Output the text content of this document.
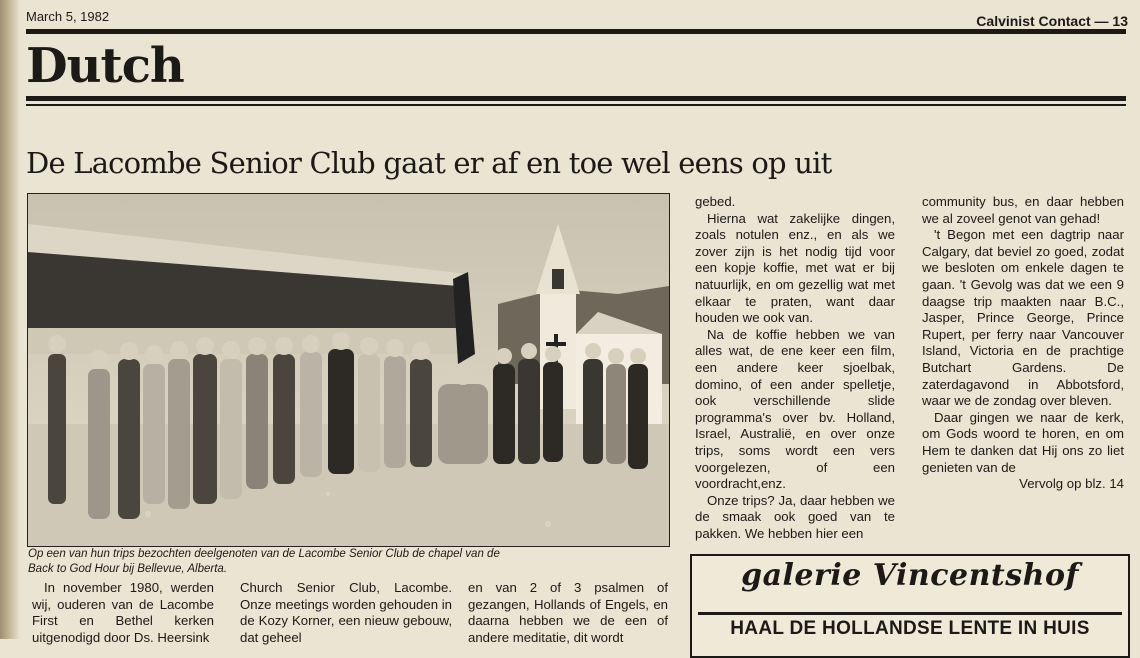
March 5, 1982	Calvinist Contact — 13
Dutch
De Lacombe Senior Club gaat er af en toe wel eens op uit
Op een van hun trips bezochten deelgenoten van de Lacombe Senior Club de chapel van de
Back to God Hour bij Bellevue, Alberta.

gebed.

Hierna wat zakelijke dingen, zoals notulen enz., en als we zover zijn is het nodig tijd voor een kopje koffie, met wat er bij natuurlijk, en om gezellig wat met elkaar te praten, want daar houden we ook van.

Na de koffie hebben we van alles wat, de ene keer een film, een andere keer sjoelbak, domino, of een ander spelletje, ook verschillende slide programma's over bv. Holland, Israel, Australië, en over onze trips, soms wordt een vers voorgelezen, of een voordracht,enz.

Onze trips? Ja, daar hebben we de smaak ook goed van te pakken. We hebben hier een

community bus, en daar hebben we al zoveel genot van gehad!

't Begon met een dagtrip naar Calgary, dat beviel zo goed, zodat we besloten om enkele dagen te gaan. 't Gevolg was dat we een 9 daagse trip maakten naar B.C., Jasper, Prince George, Prince Rupert, per ferry naar Vancouver Island, Victoria en de prachtige Butchart Gardens. De zaterdagavond in Abbotsford, waar we de zondag over bleven.

Daar gingen we naar de kerk, om Gods woord te horen, en om Hem te danken dat Hij ons zo liet genieten van de

Vervolg op blz. 14

In november 1980, werden wij, ouderen van de Lacombe First en Bethel kerken uitgenodigd door Ds. Heersink

Church Senior Club, Lacombe. Onze meetings worden gehouden in de Kozy Korner, een nieuw gebouw, dat geheel

en van 2 of 3 psalmen of gezangen, Hollands of Engels, en daarna hebben we de een of andere meditatie, dit wordt

galerie Vincentshof
HAAL DE HOLLANDSE LENTE IN HUIS
